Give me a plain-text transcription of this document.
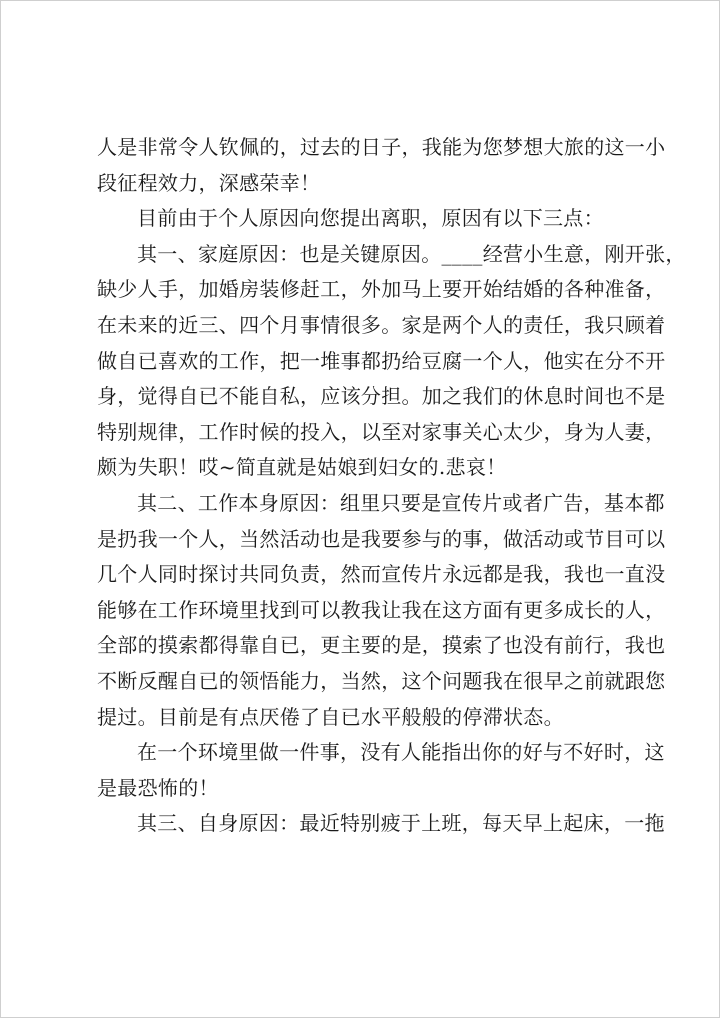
人是非常令人钦佩的，过去的日子，我能为您梦想大旅的这一小
段征程效力，深感荣幸！
目前由于个人原因向您提出离职，原因有以下三点：
其一、家庭原因：也是关键原因。____经营小生意，刚开张，
缺少人手，加婚房装修赶工，外加马上要开始结婚的各种准备，
在未来的近三、四个月事情很多。家是两个人的责任，我只顾着
做自已喜欢的工作，把一堆事都扔给豆腐一个人，他实在分不开
身，觉得自已不能自私，应该分担。加之我们的休息时间也不是
特别规律，工作时候的投入，以至对家事关心太少，身为人妻，
颇为失职！哎~简直就是姑娘到妇女的.悲哀！
其二、工作本身原因：组里只要是宣传片或者广告，基本都
是扔我一个人，当然活动也是我要参与的事，做活动或节目可以
几个人同时探讨共同负责，然而宣传片永远都是我，我也一直没
能够在工作环境里找到可以教我让我在这方面有更多成长的人，
全部的摸索都得靠自已，更主要的是，摸索了也没有前行，我也
不断反醒自已的领悟能力，当然，这个问题我在很早之前就跟您
提过。目前是有点厌倦了自已水平般般的停滞状态。
在一个环境里做一件事，没有人能指出你的好与不好时，这
是最恐怖的！
其三、自身原因：最近特别疲于上班，每天早上起床，一拖
